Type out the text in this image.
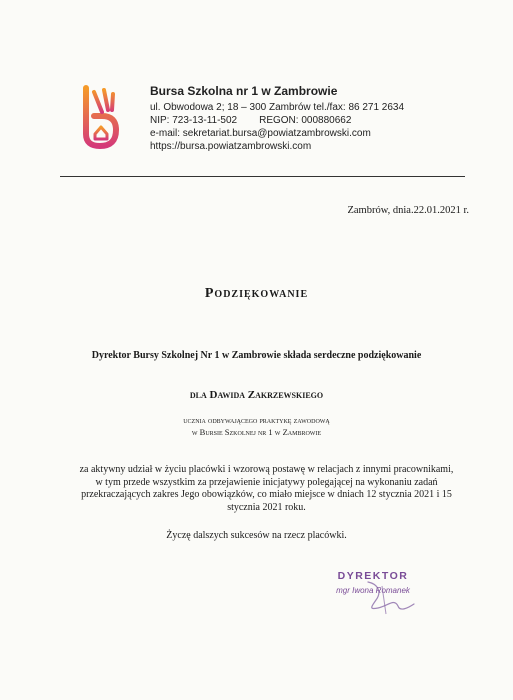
Bursa Szkolna nr 1 w Zambrowie
ul. Obwodowa 2; 18 – 300 Zambrów tel./fax: 86 271 2634
NIP: 723-13-11-502 REGON: 000880662
e-mail: sekretariat.bursa@powiatzambrowski.com
https://bursa.powiatzambrowski.com
Zambrów, dnia.22.01.2021 r.
Podziękowanie
Dyrektor Bursy Szkolnej Nr 1 w Zambrowie składa serdeczne podziękowanie
dla Dawida Zakrzewskiego
ucznia odbywającego praktykę zawodową
w Bursie Szkolnej nr 1 w Zambrowie
za aktywny udział w życiu placówki i wzorową postawę w relacjach z innymi pracownikami, w tym przede wszystkim za przejawienie inicjatywy polegającej na wykonaniu zadań przekraczających zakres Jego obowiązków, co miało miejsce w dniach 12 stycznia 2021 i 15 stycznia 2021 roku.
Życzę dalszych sukcesów na rzecz placówki.
DYREKTOR
mgr Iwona Romanek
